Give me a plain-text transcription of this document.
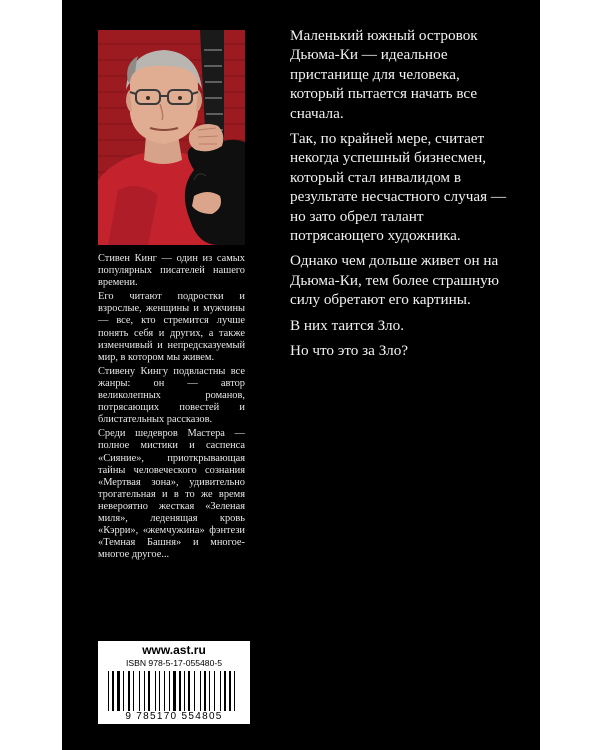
Стивен Кинг — один из самых популярных писателей нашего времени.

Его читают подростки и взрослые, женщины и мужчины — все, кто стремится лучше понять себя и других, а также изменчивый и непредсказуемый мир, в котором мы живем.

Стивену Кингу подвластны все жанры: он — автор великолепных романов, потрясающих повестей и блистательных рассказов.

Среди шедевров Мастера — полное мистики и саспенса «Сияние», приоткрывающая тайны человеческого сознания «Мертвая зона», удивительно трогательная и в то же время невероятно жесткая «Зеленая миля», леденящая кровь «Кэрри», «жемчужина» фэнтези «Темная Башня» и многое-многое другое...

Маленький южный островок Дьюма-Ки — идеальное пристанище для человека, который пытается начать все сначала.

Так, по крайней мере, считает некогда успешный бизнесмен, который стал инвалидом в результате несчастного случая — но зато обрел талант потрясающего художника.

Однако чем дольше живет он на Дьюма-Ки, тем более страшную силу обретают его картины.

В них таится Зло.

Но что это за Зло?

www.ast.ru
ISBN 978-5-17-055480-5
9 785170 554805
